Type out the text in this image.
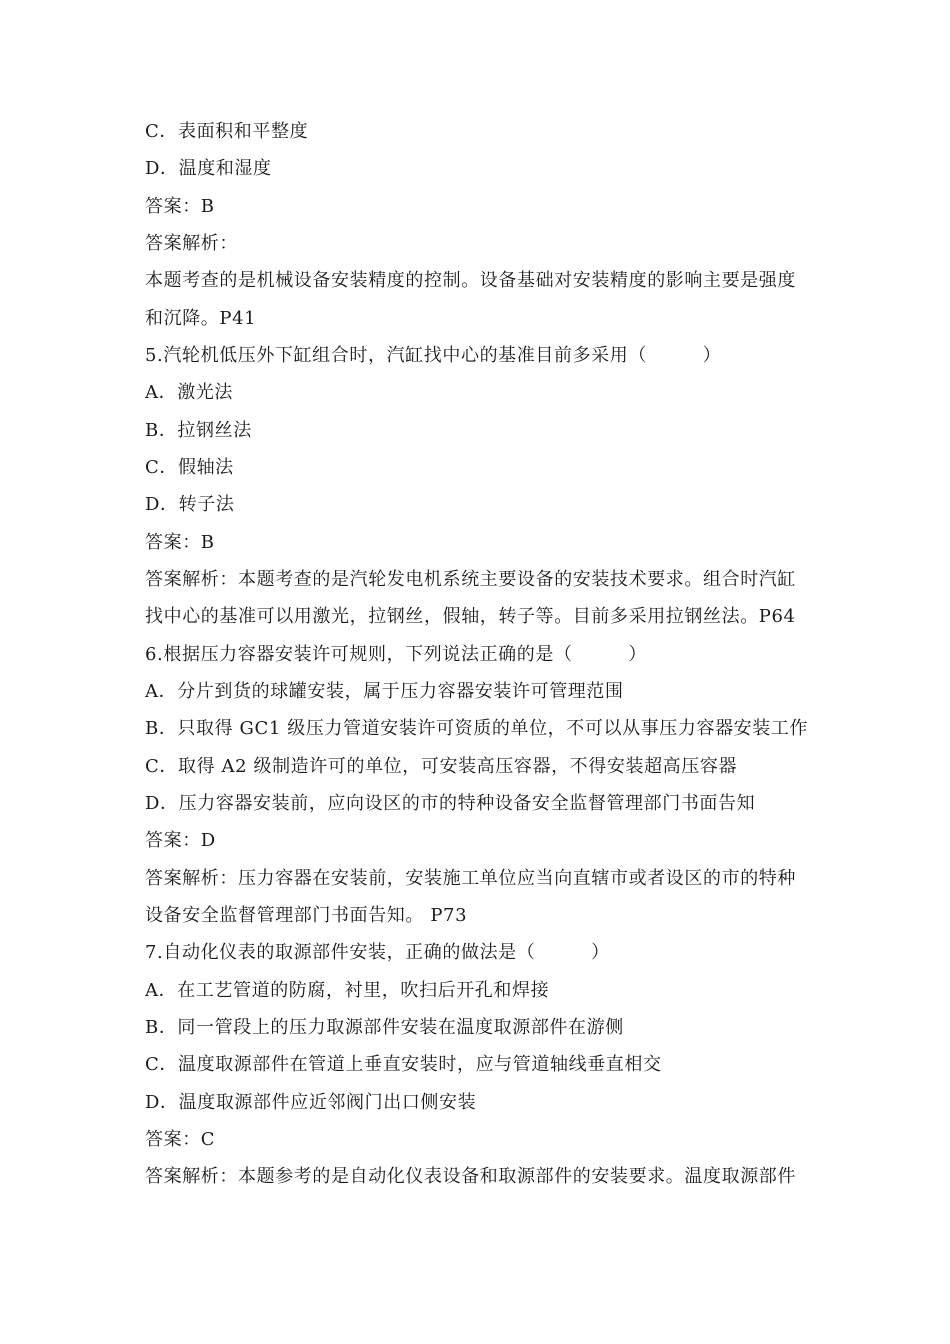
C．表面积和平整度
D．温度和湿度
答案：B
答案解析：
本题考查的是机械设备安装精度的控制。设备基础对安装精度的影响主要是强度
和沉降。P41
5.汽轮机低压外下缸组合时，汽缸找中心的基准目前多采用（　　　）
A．激光法
B．拉钢丝法
C．假轴法
D．转子法
答案：B
答案解析：本题考查的是汽轮发电机系统主要设备的安装技术要求。组合时汽缸
找中心的基准可以用激光，拉钢丝，假轴，转子等。目前多采用拉钢丝法。P64
6.根据压力容器安装许可规则，下列说法正确的是（　　　）
A．分片到货的球罐安装，属于压力容器安装许可管理范围
B．只取得 GC1 级压力管道安装许可资质的单位，不可以从事压力容器安装工作
C．取得 A2 级制造许可的单位，可安装高压容器，不得安装超高压容器
D．压力容器安装前，应向设区的市的特种设备安全监督管理部门书面告知
答案：D
答案解析：压力容器在安装前，安装施工单位应当向直辖市或者设区的市的特种
设备安全监督管理部门书面告知。 P73
7.自动化仪表的取源部件安装，正确的做法是（　　　）
A．在工艺管道的防腐，衬里，吹扫后开孔和焊接
B．同一管段上的压力取源部件安装在温度取源部件在游侧
C．温度取源部件在管道上垂直安装时，应与管道轴线垂直相交
D．温度取源部件应近邻阀门出口侧安装
答案：C
答案解析：本题参考的是自动化仪表设备和取源部件的安装要求。温度取源部件
